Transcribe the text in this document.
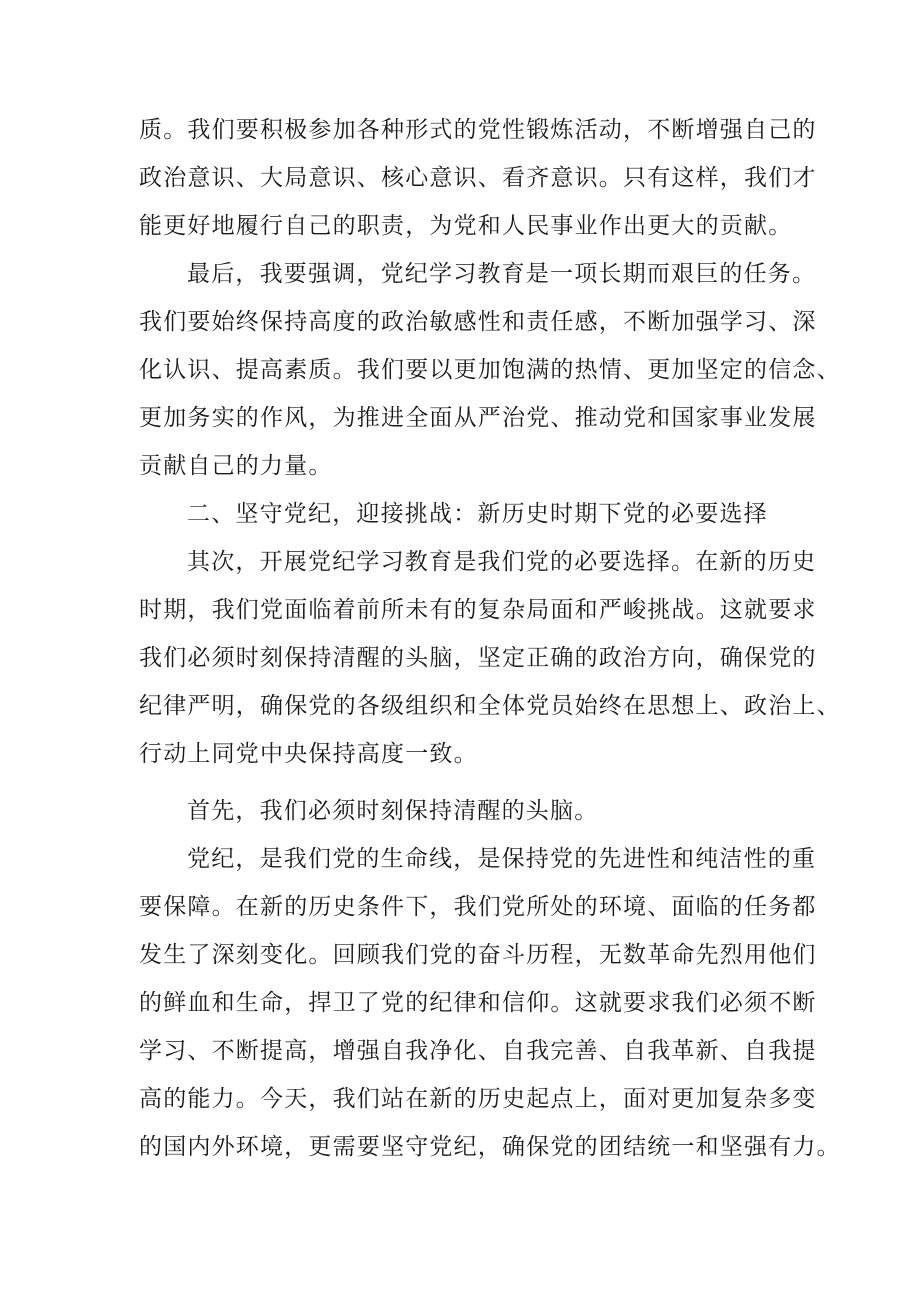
质。我们要积极参加各种形式的党性锻炼活动，不断增强自己的
政治意识、大局意识、核心意识、看齐意识。只有这样，我们才
能更好地履行自己的职责，为党和人民事业作出更大的贡献。
最后，我要强调，党纪学习教育是一项长期而艰巨的任务。
我们要始终保持高度的政治敏感性和责任感，不断加强学习、深
化认识、提高素质。我们要以更加饱满的热情、更加坚定的信念、
更加务实的作风，为推进全面从严治党、推动党和国家事业发展
贡献自己的力量。
二、坚守党纪，迎接挑战：新历史时期下党的必要选择
其次，开展党纪学习教育是我们党的必要选择。在新的历史
时期，我们党面临着前所未有的复杂局面和严峻挑战。这就要求
我们必须时刻保持清醒的头脑，坚定正确的政治方向，确保党的
纪律严明，确保党的各级组织和全体党员始终在思想上、政治上、
行动上同党中央保持高度一致。
首先，我们必须时刻保持清醒的头脑。
党纪，是我们党的生命线，是保持党的先进性和纯洁性的重
要保障。在新的历史条件下，我们党所处的环境、面临的任务都
发生了深刻变化。回顾我们党的奋斗历程，无数革命先烈用他们
的鲜血和生命，捍卫了党的纪律和信仰。这就要求我们必须不断
学习、不断提高，增强自我净化、自我完善、自我革新、自我提
高的能力。今天，我们站在新的历史起点上，面对更加复杂多变
的国内外环境，更需要坚守党纪，确保党的团结统一和坚强有力。
